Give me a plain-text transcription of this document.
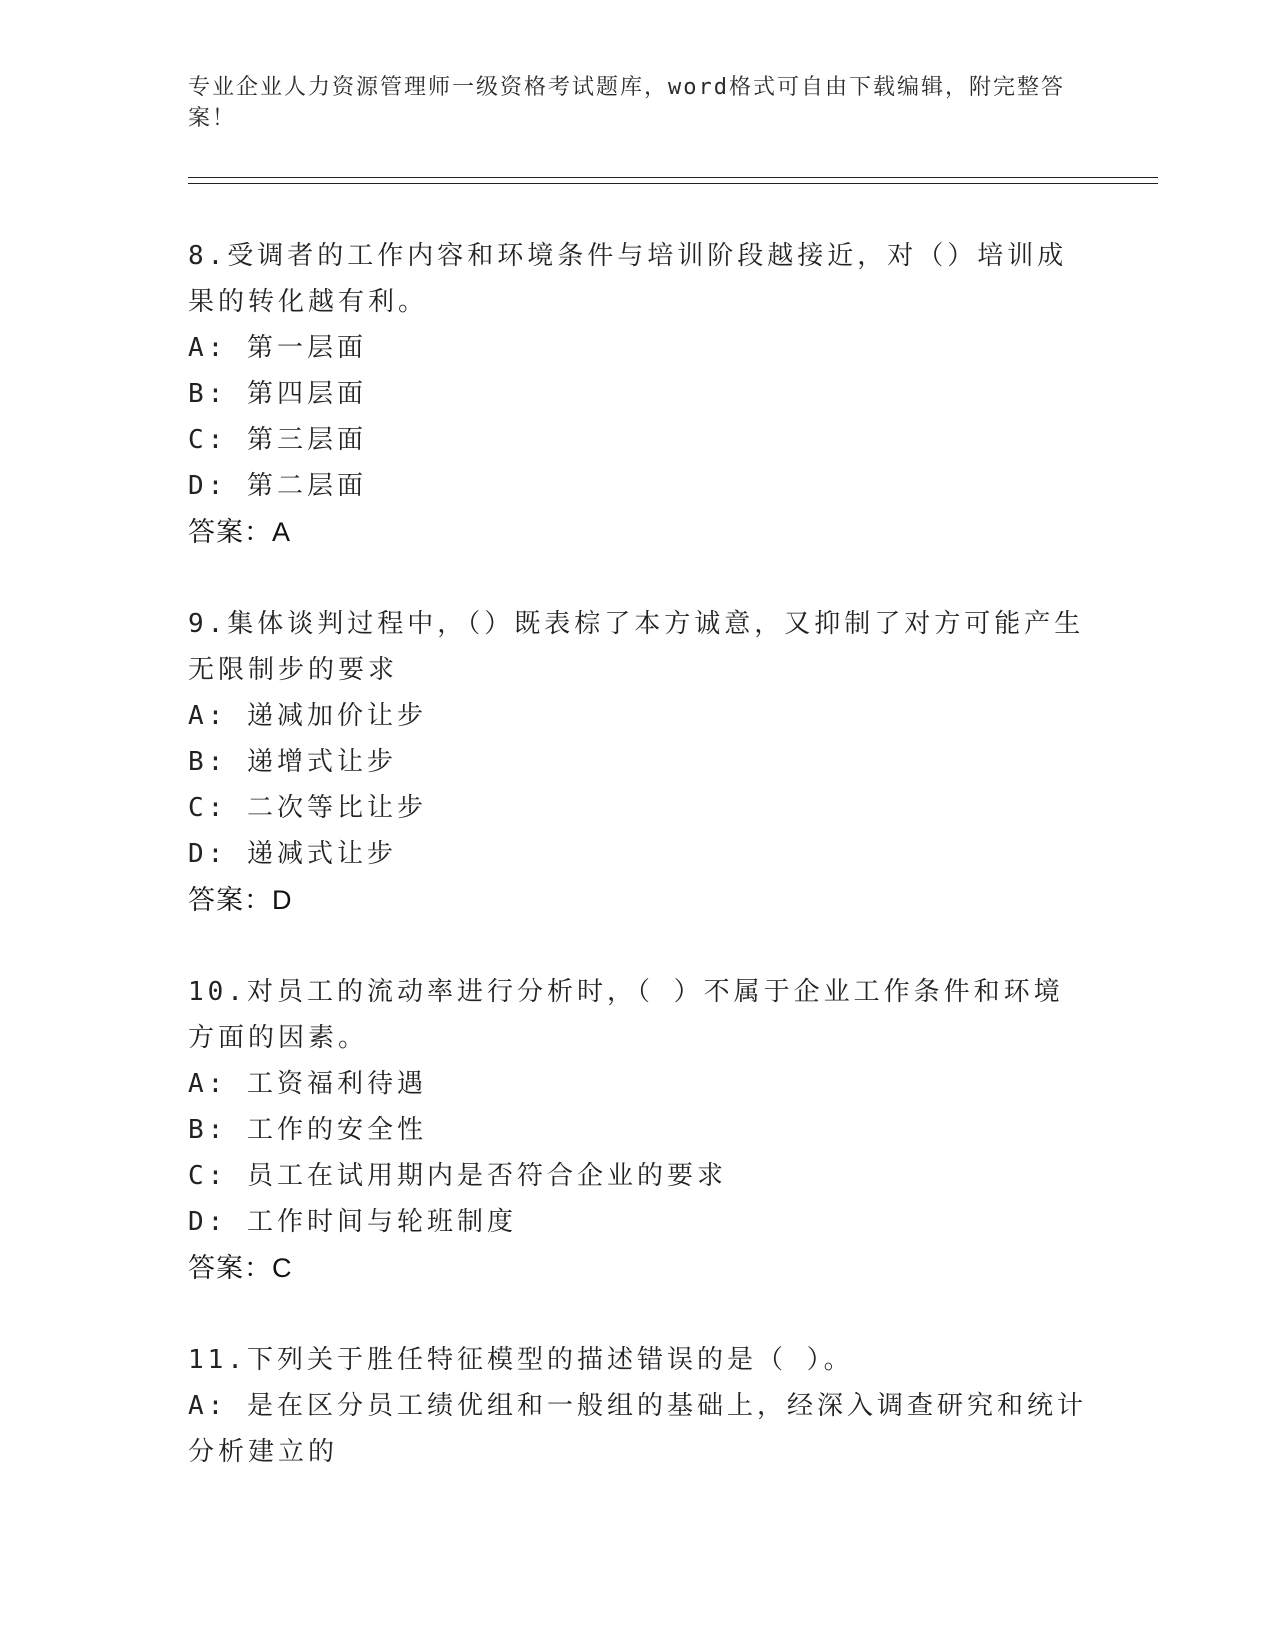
专业企业人力资源管理师一级资格考试题库，word格式可自由下载编辑，附完整答案！
8.受调者的工作内容和环境条件与培训阶段越接近，对（）培训成果的转化越有利。
A: 第一层面
B: 第四层面
C: 第三层面
D: 第二层面
答案：A
9.集体谈判过程中，（）既表棕了本方诚意，又抑制了对方可能产生无限制步的要求
A: 递减加价让步
B: 递增式让步
C: 二次等比让步
D: 递减式让步
答案：D
10.对员工的流动率进行分析时，（ ）不属于企业工作条件和环境方面的因素。
A: 工资福利待遇
B: 工作的安全性
C: 员工在试用期内是否符合企业的要求
D: 工作时间与轮班制度
答案：C
11.下列关于胜任特征模型的描述错误的是（ ）。
A: 是在区分员工绩优组和一般组的基础上，经深入调查研究和统计分析建立的
